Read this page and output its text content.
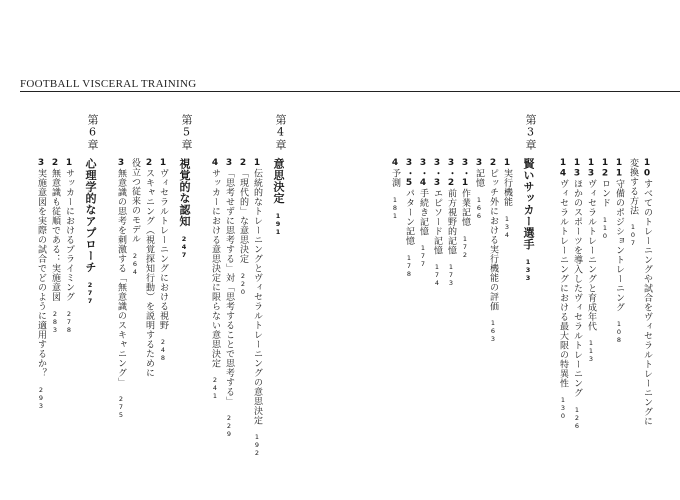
FOOTBALL VISCERAL TRAINING
10すべてのトレーニングや試合をヴィセラルトレーニングに
変換する方法107
11守備のポジショントレーニング108
12ロンド110
13ヴィセラルトレーニングと育成年代113
13ほかのスポーツを導入したヴィセラルトレーニング126
14ヴィセラルトレーニングにおける最大限の特異性130
第3章
賢いサッカー選手133
1実行機能134
2ピッチ外における実行機能の評価163
3記憶166
3・1作業記憶172
3・2前方視野的記憶173
3・3エピソード記憶174
3・4手続き記憶177
3・5パターン記憶178
4予測181
第4章
意思決定191
1伝統的なトレーニングとヴィセラルトレーニングの意思決定192
2「現代的」な意思決定220
3「思考せずに思考する」対「思考することで思考する」229
4サッカーにおける意思決定に限らない意思決定241
第5章
視覚的な認知247
1ヴィセラルトレーニングにおける視野248
2スキャニング（視覚探知行動）を説明するために
役立つ従来のモデル264
3無意識の思考を刺激する「無意識のスキャニング」275
第6章
心理学的なアプローチ277
1サッカーにおけるプライミング278
2無意識も従順である：実施意図283
3実施意図を実際の試合でどのように適用するか？293
